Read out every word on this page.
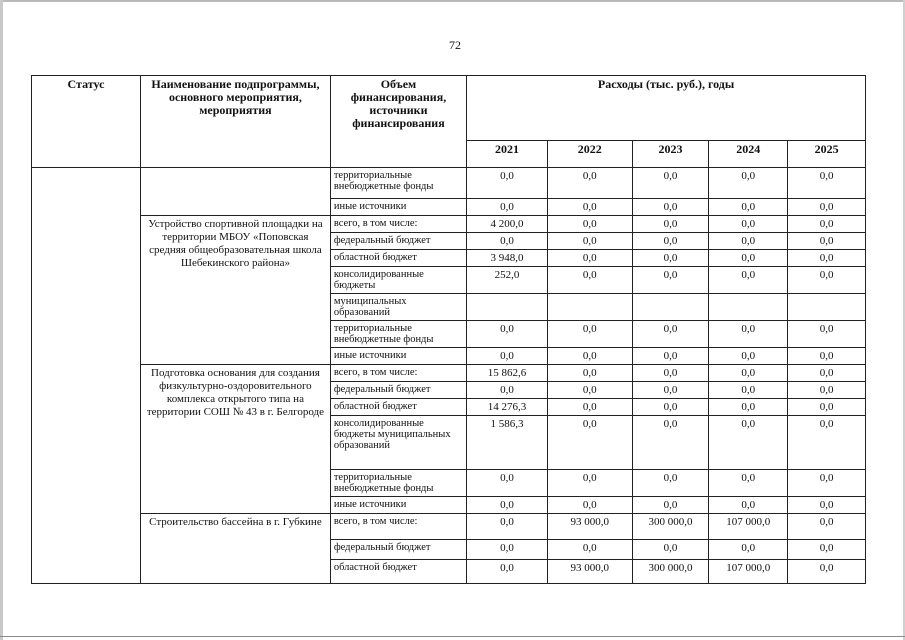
72
Статус	Наименование подпрограммы, основного мероприятия, мероприятия	Объем финансирования, источники финансирования	Расходы (тыс. руб.), годы				
			2021	2022	2023	2024	2025
		территориальные внебюджетные фонды	0,0	0,0	0,0	0,0	0,0
		иные источники	0,0	0,0	0,0	0,0	0,0
	Устройство спортивной площадки на территории МБОУ «Поповская средняя общеобразовательная школа Шебекинского района»	всего, в том числе:	4 200,0	0,0	0,0	0,0	0,0
		федеральный бюджет	0,0	0,0	0,0	0,0	0,0
		областной бюджет	3 948,0	0,0	0,0	0,0	0,0
		консолидированные бюджеты	252,0	0,0	0,0	0,0	0,0
		муниципальных образований					
		территориальные внебюджетные фонды	0,0	0,0	0,0	0,0	0,0
		иные источники	0,0	0,0	0,0	0,0	0,0
	Подготовка основания для создания физкультурно-оздоровительного комплекса открытого типа на территории СОШ № 43 в г. Белгороде	всего, в том числе:	15 862,6	0,0	0,0	0,0	0,0
		федеральный бюджет	0,0	0,0	0,0	0,0	0,0
		областной бюджет	14 276,3	0,0	0,0	0,0	0,0
		консолидированные бюджеты муниципальных образований	1 586,3	0,0	0,0	0,0	0,0
		территориальные внебюджетные фонды	0,0	0,0	0,0	0,0	0,0
		иные источники	0,0	0,0	0,0	0,0	0,0
	Строительство бассейна в г. Губкине	всего, в том числе:	0,0	93 000,0	300 000,0	107 000,0	0,0
		федеральный бюджет	0,0	0,0	0,0	0,0	0,0
		областной бюджет	0,0	93 000,0	300 000,0	107 000,0	0,0
